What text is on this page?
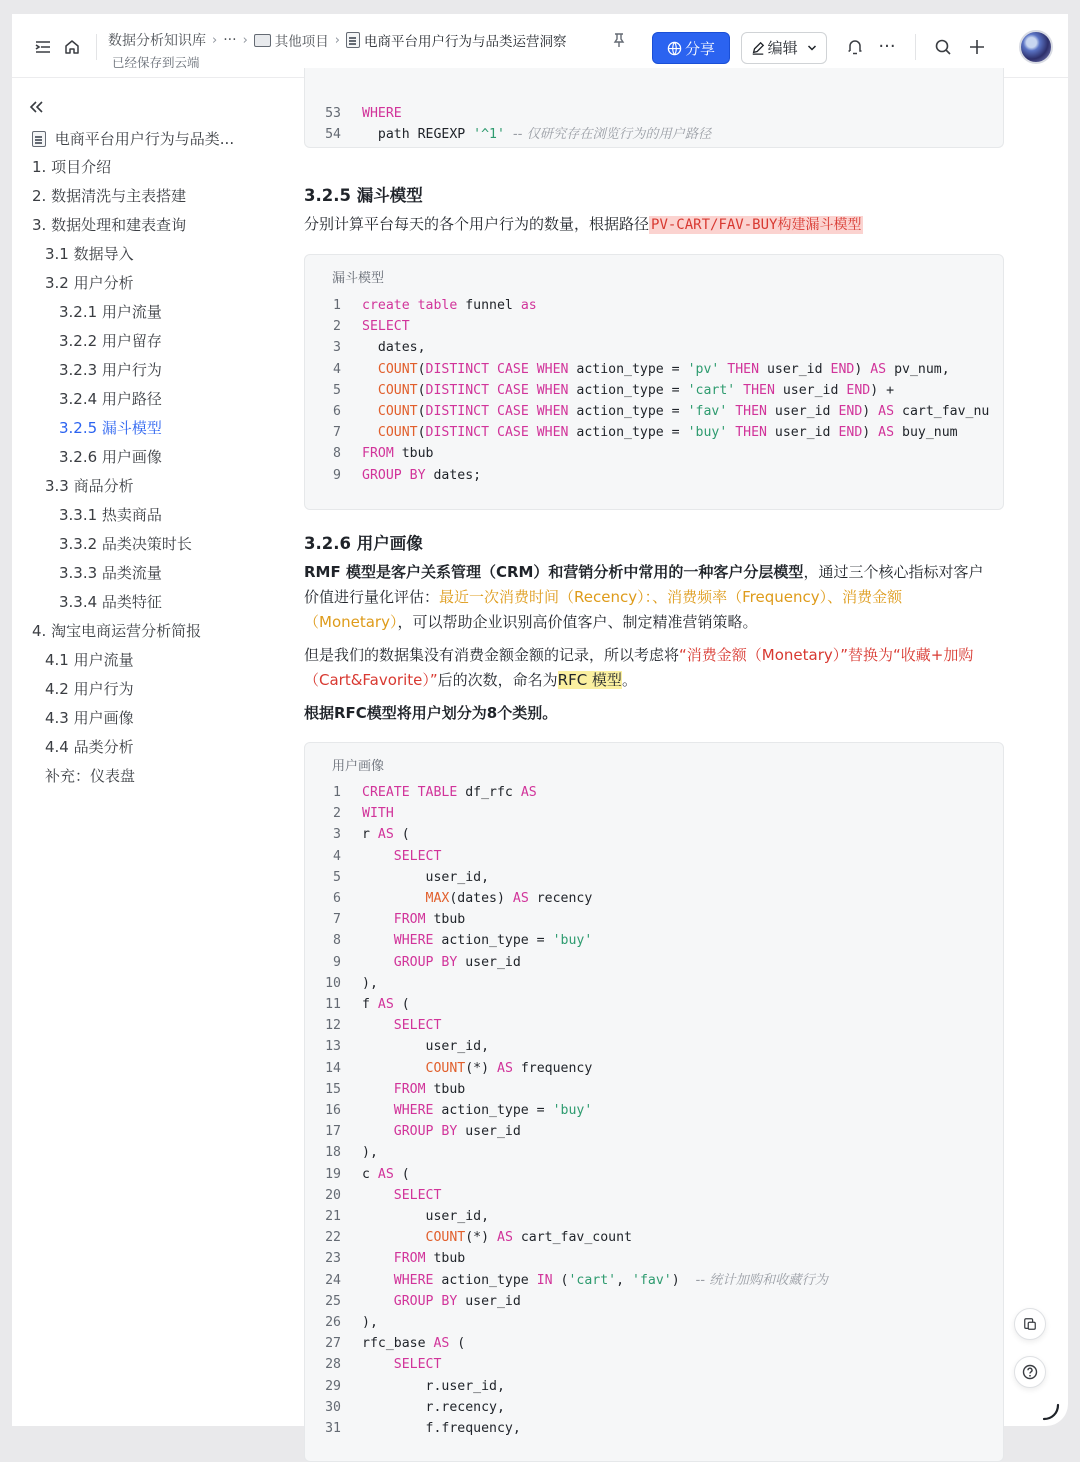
数据分析知识库 › ··· › 其他项目 › 电商平台用户行为与品类运营洞察
已经保存到云端
分享	编辑	···
电商平台用户行为与品类...
1. 项目介绍
2. 数据清洗与主表搭建
3. 数据处理和建表查询
3.1 数据导入
3.2 用户分析
3.2.1 用户流量
3.2.2 用户留存
3.2.3 用户行为
3.2.4 用户路径
3.2.5 漏斗模型
3.2.6 用户画像
3.3 商品分析
3.3.1 热卖商品
3.3.2 品类决策时长
3.3.3 品类流量
3.3.4 品类特征
4. 淘宝电商运营分析简报
4.1 用户流量
4.2 用户行为
4.3 用户画像
4.4 品类分析
补充：仪表盘

53 WHERE

54 path REGEXP '^1' -- 仅研究存在浏览行为的用户路径

3.2.5 漏斗模型
分别计算平台每天的各个用户行为的数量，根据路径 PV-CART/FAV-BUY构建漏斗模型
漏斗模型
1 create table funnel as
2 SELECT
3 dates,
4	COUNT(DISTINCT CASE WHEN action_type = 'pv' THEN user_id END) AS pv_num,
5	COUNT(DISTINCT CASE WHEN action_type = 'cart' THEN user_id END) +
6	COUNT(DISTINCT CASE WHEN action_type = 'fav' THEN user_id END) AS cart_fav_nu
7	COUNT(DISTINCT CASE WHEN action_type = 'buy' THEN user_id END) AS buy_num
8 FROM tbub
9 GROUP BY dates;
3.2.6 用户画像
RMF 模型是客户关系管理（CRM）和营销分析中常用的一种客户分层模型，通过三个核心指标对客户
价值进行量化评估：最近一次消费时间（Recency）：、消费频率（Frequency）、消费金额
（Monetary），可以帮助企业识别高价值客户、制定精准营销策略。
但是我们的数据集没有消费金额金额的记录，所以考虑将“消费金额（Monetary）”替换为“收藏+加购
（Cart&Favorite）”后的次数，命名为RFC 模型。
根据RFC模型将用户划分为8个类别。
用户画像
1 CREATE TABLE df_rfc AS
2 WITH
3 r AS (
4	SELECT
5 user_id,
6	MAX(dates) AS recency
7	FROM tbub
8	WHERE action_type = 'buy'
9	GROUP BY user_id
10 ),
11 f AS (
12	SELECT
13 user_id,
14	COUNT(*) AS frequency
15	FROM tbub
16	WHERE action_type = 'buy'
17	GROUP BY user_id
18 ),
19 c AS (
20	SELECT
21 user_id,
22	COUNT(*) AS cart_fav_count
23	FROM tbub
24	WHERE action_type IN ('cart', 'fav')  -- 统计加购和收藏行为
25	GROUP BY user_id
26 ),
27 rfc_base AS (
28	SELECT
29 r.user_id,
30 r.recency,
31 f.frequency,
